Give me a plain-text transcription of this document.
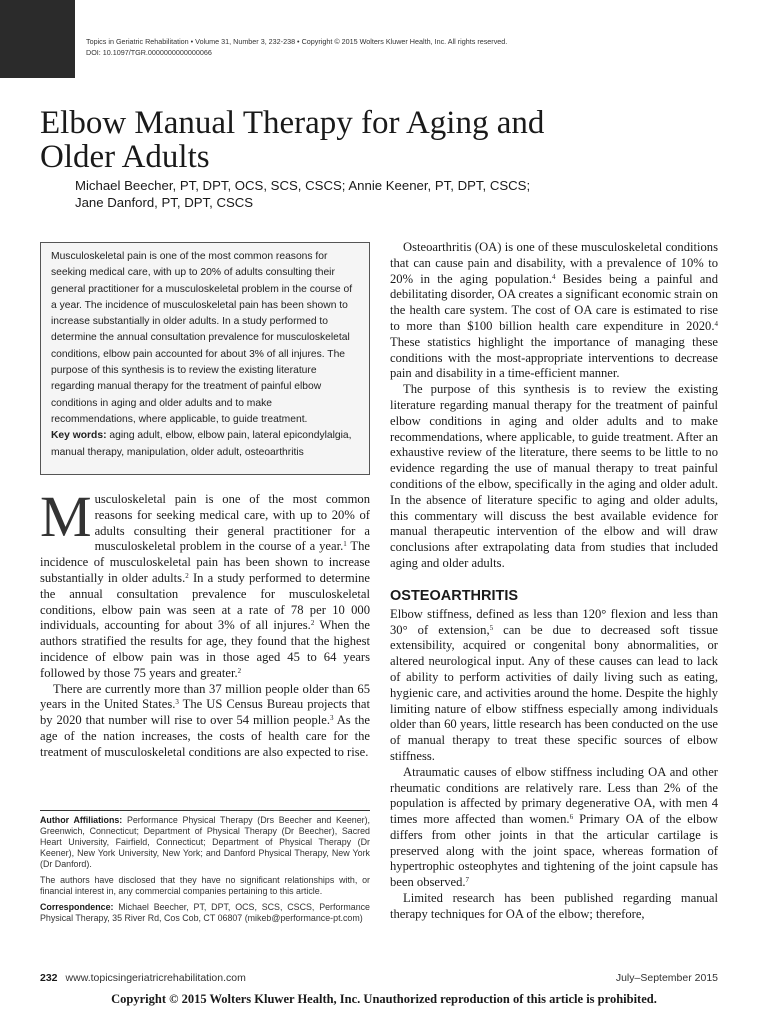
Topics in Geriatric Rehabilitation • Volume 31, Number 3, 232-238 • Copyright © 2015 Wolters Kluwer Health, Inc. All rights reserved.
DOI: 10.1097/TGR.0000000000000066
Elbow Manual Therapy for Aging and
Older Adults
Michael Beecher, PT, DPT, OCS, SCS, CSCS; Annie Keener, PT, DPT, CSCS;
Jane Danford, PT, DPT, CSCS

Musculoskeletal pain is one of the most common reasons for seeking medical care, with up to 20% of adults consulting their general practitioner for a musculoskeletal problem in the course of a year. The incidence of musculoskeletal pain has been shown to increase substantially in older adults. In a study performed to determine the annual consultation prevalence for musculoskeletal conditions, elbow pain accounted for about 3% of all injures. The purpose of this synthesis is to review the existing literature regarding manual therapy for the treatment of painful elbow conditions in aging and older adults and to make recommendations, where applicable, to guide treatment.

Key words: aging adult, elbow, elbow pain, lateral epicondylalgia, manual therapy, manipulation, older adult, osteoarthritis

Musculoskeletal pain is one of the most common reasons for seeking medical care, with up to 20% of adults consulting their general practitioner for a musculoskeletal problem in the course of a year.$^1$ The incidence of musculoskeletal pain has been shown to increase substantially in older adults.$^2$ In a study performed to determine the annual consultation prevalence for musculoskeletal conditions, elbow pain was seen at a rate of 78 per 10 000 individuals, accounting for about 3% of all injures.$^2$ When the authors stratified the results for age, they found that the highest incidence of elbow pain was in those aged 45 to 64 years followed by those 75 years and greater.$^2$

There are currently more than 37 million people older than 65 years in the United States.$^3$ The US Census Bureau projects that by 2020 that number will rise to over 54 million people.$^3$ As the age of the nation increases, the costs of health care for the treatment of musculoskeletal conditions are also expected to rise.

Author Affiliations: Performance Physical Therapy (Drs Beecher and Keener), Greenwich, Connecticut; Department of Physical Therapy (Dr Beecher), Sacred Heart University, Fairfield, Connecticut; Department of Physical Therapy (Dr Keener), New York University, New York; and Danford Physical Therapy, New York (Dr Danford).

The authors have disclosed that they have no significant relationships with, or financial interest in, any commercial companies pertaining to this article.

Correspondence: Michael Beecher, PT, DPT, OCS, SCS, CSCS, Performance Physical Therapy, 35 River Rd, Cos Cob, CT 06807 (mikeb@performance-pt.com)

Osteoarthritis (OA) is one of these musculoskeletal conditions that can cause pain and disability, with a prevalence of 10% to 20% in the aging population.$^4$ Besides being a painful and debilitating disorder, OA creates a significant economic strain on the health care system. The cost of OA care is estimated to rise to more than $100 billion health care expenditure in 2020.$^4$ These statistics highlight the importance of managing these conditions with the most-appropriate interventions to decrease pain and disability in a time-efficient manner.

The purpose of this synthesis is to review the existing literature regarding manual therapy for the treatment of painful elbow conditions in aging and older adults and to make recommendations, where applicable, to guide treatment. After an exhaustive review of the literature, there seems to be little to no evidence regarding the use of manual therapy to treat painful conditions of the elbow, specifically in the aging and older adult. In the absence of literature specific to aging and older adults, this commentary will discuss the best available evidence for manual therapeutic intervention of the elbow and will draw conclusions after extrapolating data from studies that included aging and older adults.

OSTEOARTHRITIS

Elbow stiffness, defined as less than 120° flexion and less than 30° of extension,$^5$ can be due to decreased soft tissue extensibility, acquired or congenital bony abnormalities, or altered neurological input. Any of these causes can lead to lack of ability to perform activities of daily living such as eating, hygienic care, and activities around the home. Despite the highly limiting nature of elbow stiffness especially among individuals older than 60 years, little research has been conducted on the use of manual therapy to treat these specific sources of elbow stiffness.

Atraumatic causes of elbow stiffness including OA and other rheumatic conditions are relatively rare. Less than 2% of the population is affected by primary degenerative OA, with men 4 times more affected than women.$^6$ Primary OA of the elbow differs from other joints in that the articular cartilage is preserved along with the joint space, whereas formation of hypertrophic osteophytes and tightening of the joint capsule has been observed.$^7$

Limited research has been published regarding manual therapy techniques for OA of the elbow; therefore,

232 www.topicsingeriatricrehabilitation.com	July–September 2015
Copyright © 2015 Wolters Kluwer Health, Inc. Unauthorized reproduction of this article is prohibited.
